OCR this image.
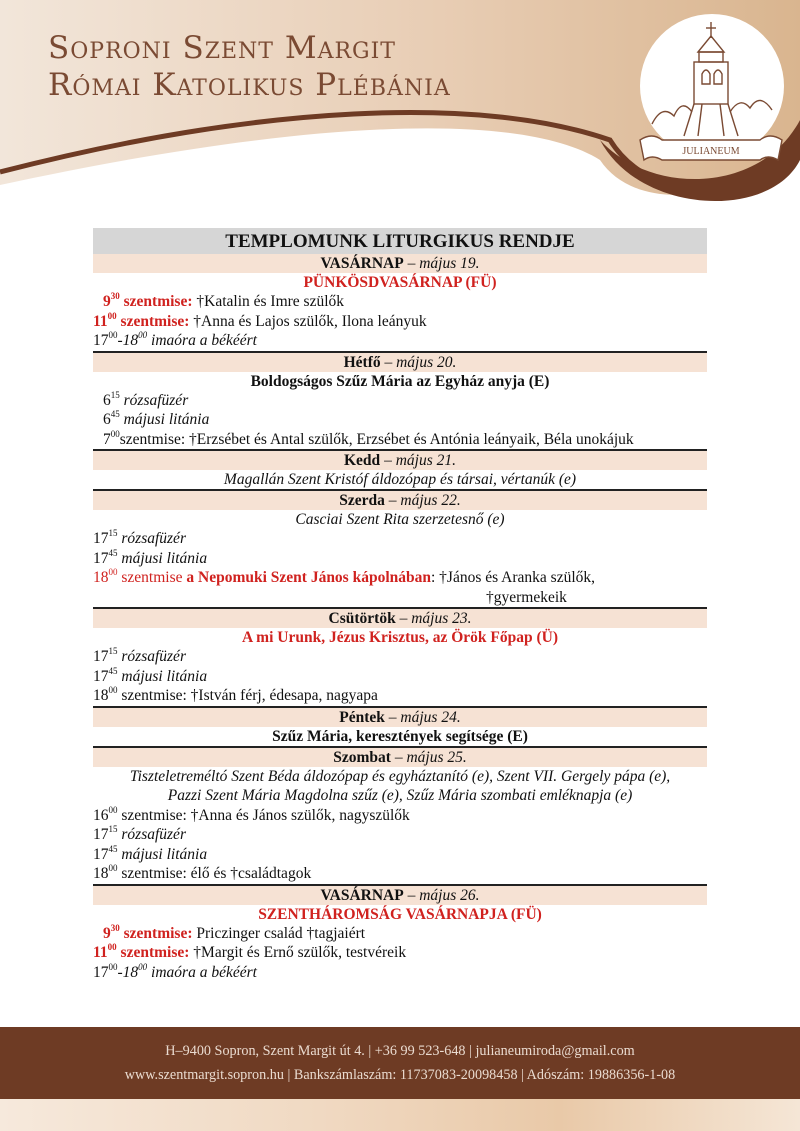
Soproni Szent Margit
Római Katolikus Plébánia
JULIANEUM
TEMPLOMUNK LITURGIKUS RENDJE
VASÁRNAP – május 19.
PÜNKÖSDVASÁRNAP (FÜ)
$9^{30}$ szentmise: †Katalin és Imre szülők
$11^{00}$ szentmise: †Anna és Lajos szülők, Ilona leányuk
$17^{00}-18^{00}$ imaóra a békéért
Hétfő – május 20.
Boldogságos Szűz Mária az Egyház anyja (E)
$6^{15}$ rózsafüzér
$6^{45}$ májusi litánia
$7^{00}szentmise$: †Erzsébet és Antal szülők, Erzsébet és Antónia leányaik, Béla unokájuk
Kedd – május 21.
Magallán Szent Kristóf áldozópap és társai, vértanúk (e)
Szerda – május 22.
Casciai Szent Rita szerzetesnő (e)
$17^{15}$ rózsafüzér
$17^{45}$ májusi litánia
$18^{00}$ szentmise a Nepomuki Szent János kápolnában: †János és Aranka szülők,
†gyermekeik
Csütörtök – május 23.
A mi Urunk, Jézus Krisztus, az Örök Főpap (Ü)
$17^{15}$ rózsafüzér
$17^{45}$ májusi litánia
$18^{00}$ szentmise: †István férj, édesapa, nagyapa
Péntek – május 24.
Szűz Mária, keresztények segítsége (E)
Szombat – május 25.
Tiszteletreméltó Szent Béda áldozópap és egyháztanító (e), Szent VII. Gergely pápa (e),
Pazzi Szent Mária Magdolna szűz (e), Szűz Mária szombati emléknapja (e)
$16^{00}$ szentmise: †Anna és János szülők, nagyszülők
$17^{15}$ rózsafüzér
$17^{45}$ májusi litánia
$18^{00}$ szentmise: élő és †családtagok
VASÁRNAP – május 26.
SZENTHÁROMSÁG VASÁRNAPJA (FÜ)
$9^{30}$ szentmise: Priczinger család †tagjaiért
$11^{00}$ szentmise: †Margit és Ernő szülők, testvéreik
$17^{00}-18^{00}$ imaóra a békéért
H–9400 Sopron, Szent Margit út 4. | +36 99 523-648 | julianeumiroda@gmail.com
www.szentmargit.sopron.hu | Bankszámlaszám: 11737083-20098458 | Adószám: 19886356-1-08
